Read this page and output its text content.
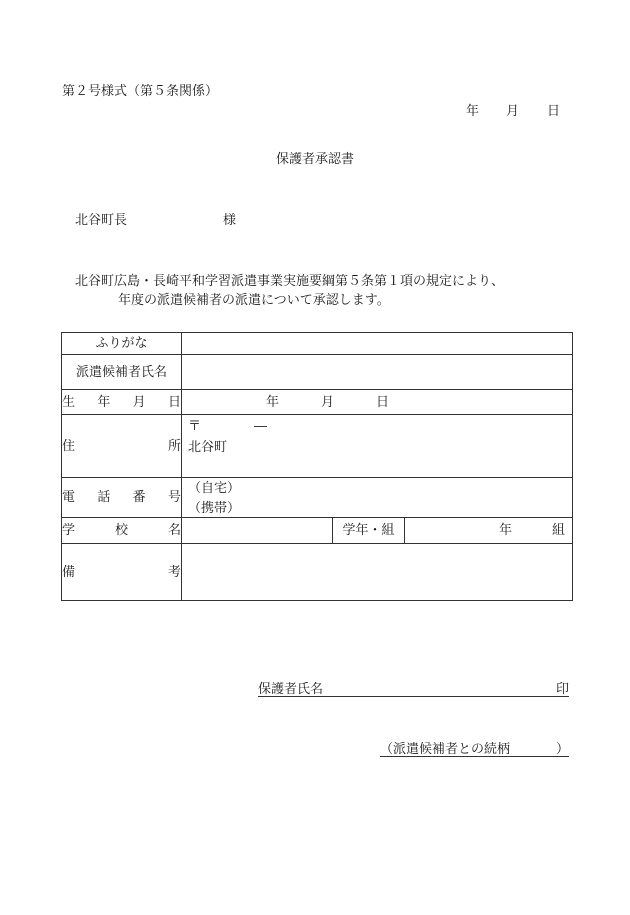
第２号様式（第５条関係）
年 月 日
保護者承認書
北谷町長	様
北谷町広島・長崎平和学習派遣事業実施要綱第５条第１項の規定により、
年度の派遣候補者の派遣について承認します。
ふりがな			
派遣候補者氏名			
生 年 月 日	年 月 日		

住　　所	〒 ―
北谷町		

電 話 番 号	（自宅）
（携帯）		

学　校　名		学年・組	年 組

備　　考			
保護者氏名	印
（派遣候補者との続柄	）
